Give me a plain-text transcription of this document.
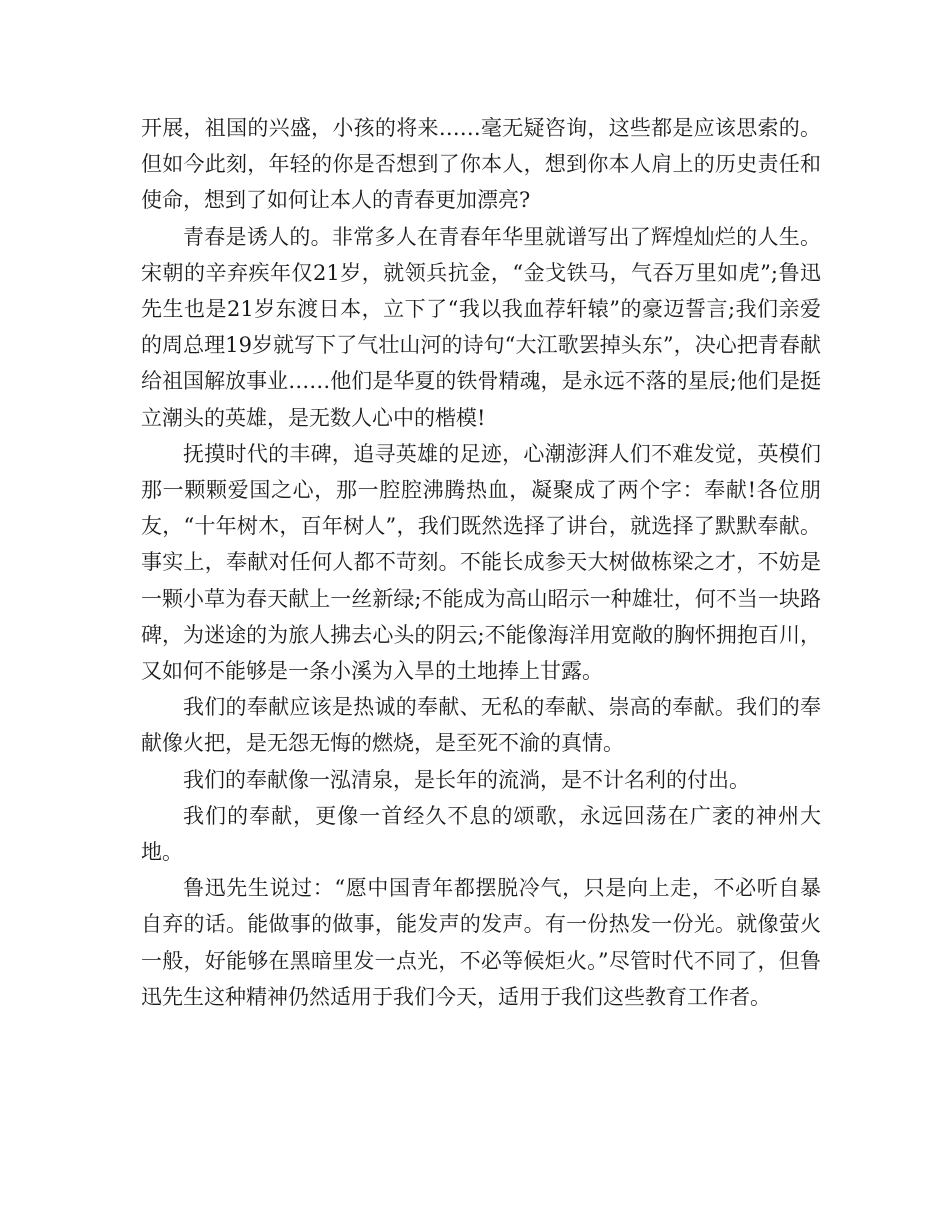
开展，祖国的兴盛，小孩的将来……毫无疑咨询，这些都是应该思索的。但如今此刻，年轻的你是否想到了你本人，想到你本人肩上的历史责任和使命，想到了如何让本人的青春更加漂亮?

青春是诱人的。非常多人在青春年华里就谱写出了辉煌灿烂的人生。宋朝的辛弃疾年仅21岁，就领兵抗金，“金戈铁马，气吞万里如虎”;鲁迅先生也是21岁东渡日本，立下了“我以我血荐轩辕”的豪迈誓言;我们亲爱的周总理19岁就写下了气壮山河的诗句“大江歌罢掉头东”，决心把青春献给祖国解放事业……他们是华夏的铁骨精魂，是永远不落的星辰;他们是挺立潮头的英雄，是无数人心中的楷模!

抚摸时代的丰碑，追寻英雄的足迹，心潮澎湃人们不难发觉，英模们那一颗颗爱国之心，那一腔腔沸腾热血，凝聚成了两个字：奉献!各位朋友，“十年树木，百年树人”，我们既然选择了讲台，就选择了默默奉献。事实上，奉献对任何人都不苛刻。不能长成参天大树做栋梁之才，不妨是一颗小草为春天献上一丝新绿;不能成为高山昭示一种雄壮，何不当一块路碑，为迷途的为旅人拂去心头的阴云;不能像海洋用宽敞的胸怀拥抱百川，又如何不能够是一条小溪为入旱的土地捧上甘露。

我们的奉献应该是热诚的奉献、无私的奉献、崇高的奉献。我们的奉献像火把，是无怨无悔的燃烧，是至死不渝的真情。

我们的奉献像一泓清泉，是长年的流淌，是不计名利的付出。

我们的奉献，更像一首经久不息的颂歌，永远回荡在广袤的神州大地。

鲁迅先生说过：“愿中国青年都摆脱冷气，只是向上走，不必听自暴自弃的话。能做事的做事，能发声的发声。有一份热发一份光。就像萤火一般，好能够在黑暗里发一点光，不必等候炬火。”尽管时代不同了，但鲁迅先生这种精神仍然适用于我们今天，适用于我们这些教育工作者。
